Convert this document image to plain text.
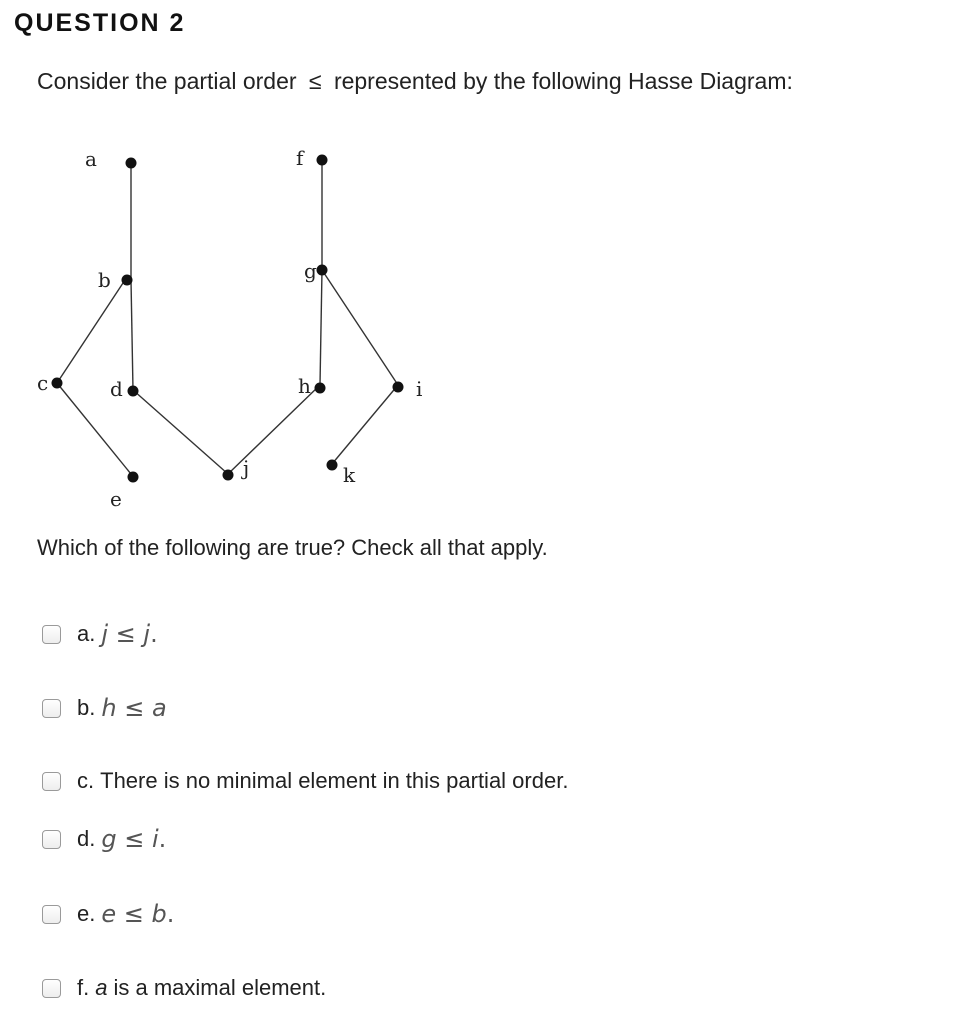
QUESTION 2
Consider the partial order ≤ represented by the following Hasse Diagram:
a
b
c	d
e
f
g
h	i
j	k
Which of the following are true? Check all that apply.
a. j ≤ j .
b. h ≤ a
c. There is no minimal element in this partial order.
d. g ≤ i .
e. e ≤ b .
f. a is a maximal element.
